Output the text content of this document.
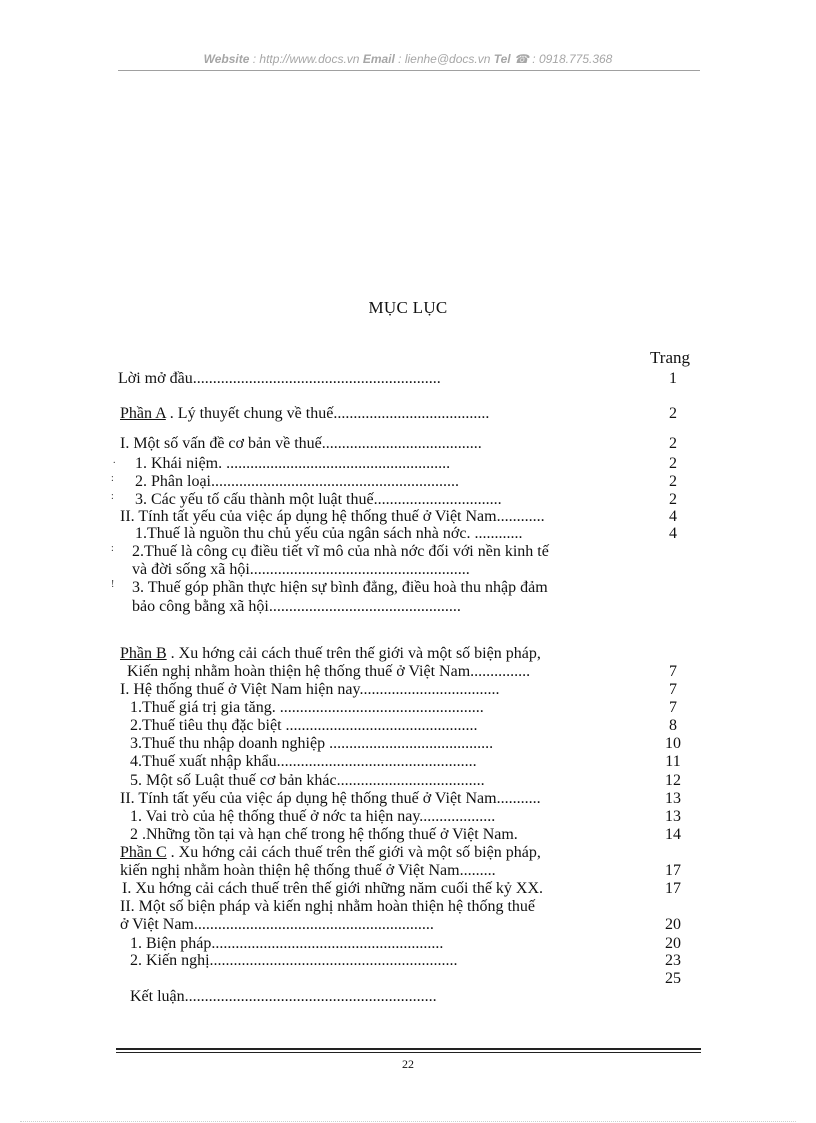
Website : http://www.docs.vn Email : lienhe@docs.vn Tel ☎ : 0918.775.368
MỤC LỤC
Trang
Lời mở đầu..............................................................	1
Phần A . Lý thuyết chung về thuế.......................................	2
I. Một số vấn đề cơ bản về thuế........................................	2
1. Khái niệm. ........................................................	2
2. Phân loại..............................................................	2
3. Các yếu tố cấu thành một luật thuế................................	2
II. Tính tất yếu của việc áp dụng hệ thống thuế ở Việt Nam............	4
1.Thuế là nguồn thu chủ yếu của ngân sách nhà nớc. ............	4
2.Thuế là công cụ điều tiết vĩ mô của nhà nớc đối với nền kinh tế
và đời sống xã hội.......................................................
3. Thuế góp phần thực hiện sự bình đẳng, điều hoà thu nhập đảm
bảo công bằng xã hội................................................
Phần B . Xu hớng cải cách thuế trên thế giới và một số biện pháp,
Kiến nghị nhằm hoàn thiện hệ thống thuế ở Việt Nam...............	7
I. Hệ thống thuế ở Việt Nam hiện nay...................................	7
1.Thuế giá trị gia tăng. ...................................................	7
2.Thuế tiêu thụ đặc biệt ................................................	8
3.Thuế thu nhập doanh nghiệp .........................................	10
4.Thuế xuất nhập khẩu..................................................	11
5. Một số Luật thuế cơ bản khác.....................................	12
II. Tính tất yếu của việc áp dụng hệ thống thuế ở Việt Nam...........	13
1. Vai trò của hệ thống thuế ở nớc ta hiện nay...................	13
2 .Những tồn tại và hạn chế trong hệ thống thuế ở Việt Nam.	14
Phần C . Xu hớng cải cách thuế trên thế giới và một số biện pháp,
kiến nghị nhằm hoàn thiện hệ thống thuế ở Việt Nam.........	17
I. Xu hớng cải cách thuế trên thế giới những năm cuối thế kỷ XX.	17
II. Một số biện pháp và kiến nghị nhằm hoàn thiện hệ thống thuế
ở Việt Nam............................................................	20
1. Biện pháp..........................................................	20
2. Kiến nghị..............................................................	23
25
Kết luận...............................................................
.
:
:
:
!
22
